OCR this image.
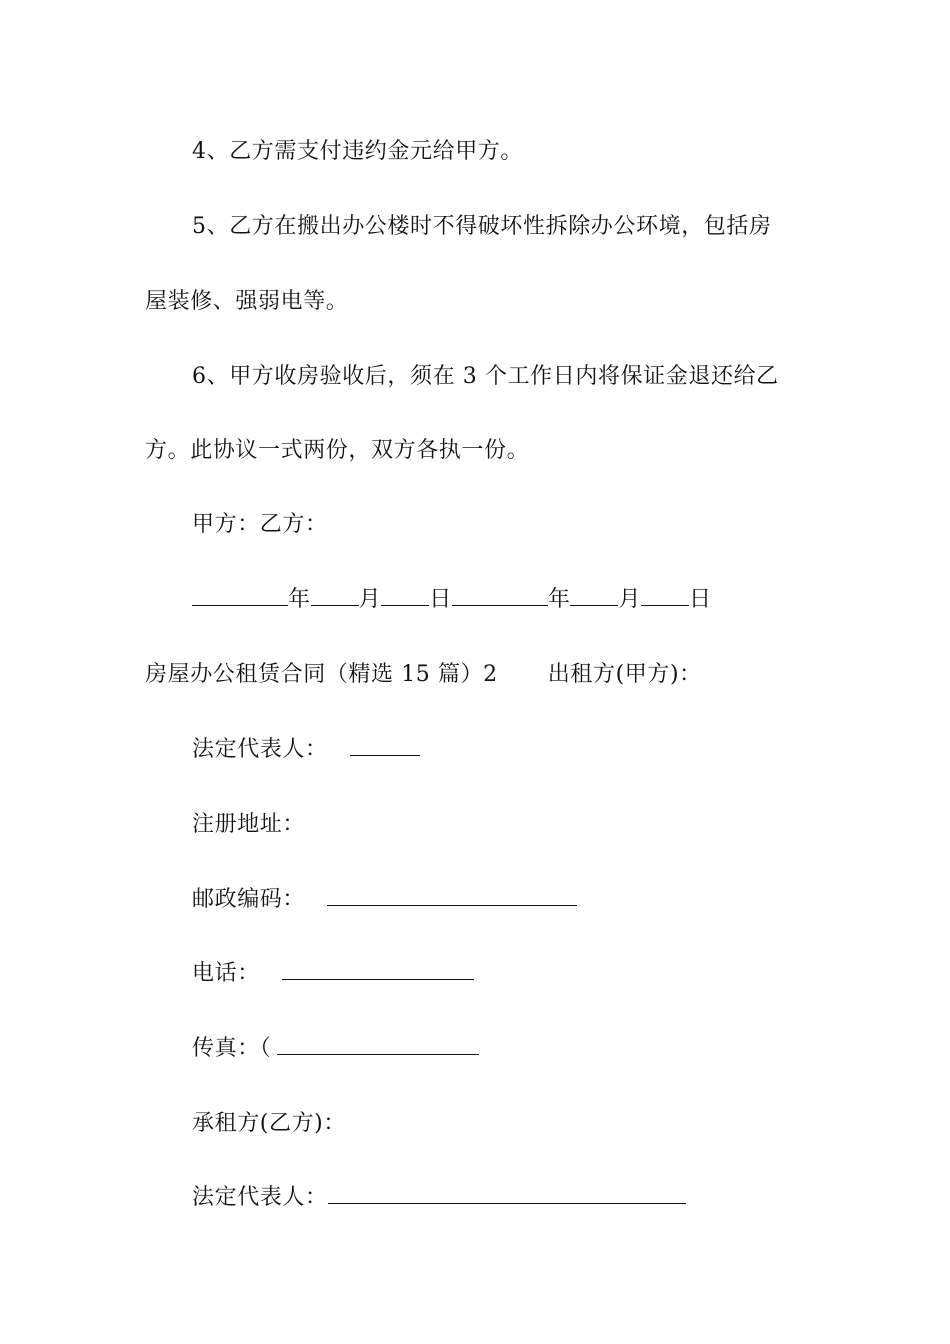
4、乙方需支付违约金元给甲方。
5、乙方在搬出办公楼时不得破坏性拆除办公环境，包括房
屋装修、强弱电等。
6、甲方收房验收后，须在 3 个工作日内将保证金退还给乙
方。此协议一式两份，双方各执一份。
甲方：乙方：
年 月 日	年 月 日
房屋办公租赁合同（精选 15 篇）2 出租方(甲方)：
法定代表人：
注册地址：
邮政编码：
电话：
传真：（
承租方(乙方)：
法定代表人：
